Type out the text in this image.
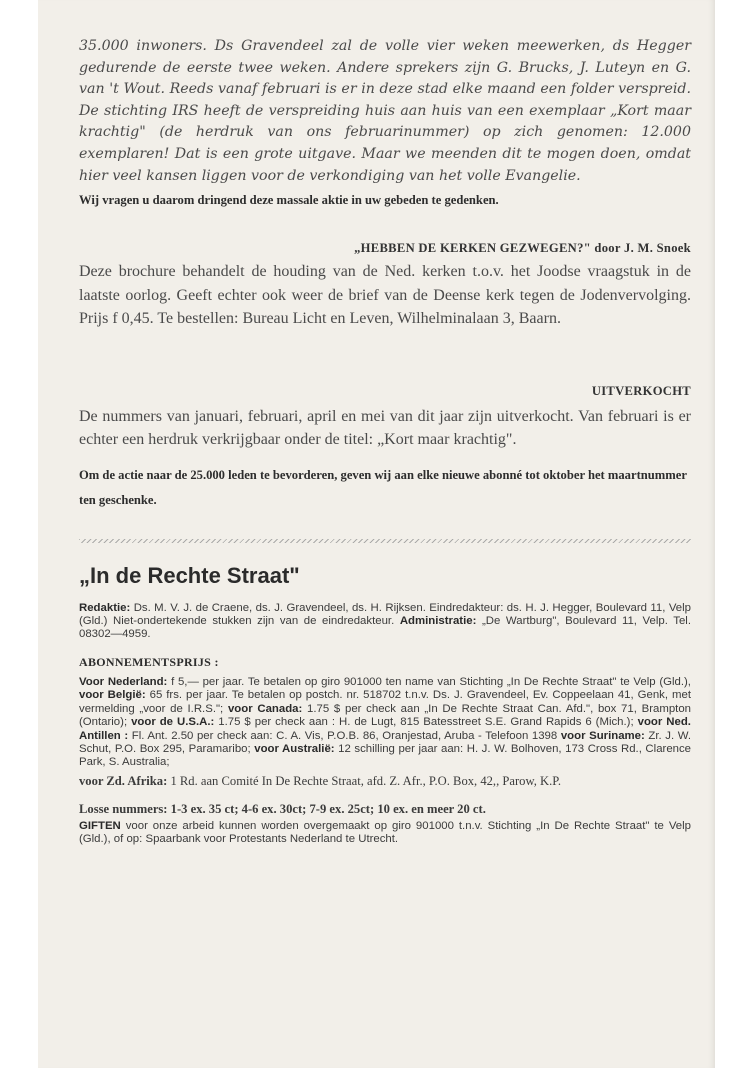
35.000 inwoners. Ds Gravendeel zal de volle vier weken meewerken, ds Hegger gedurende de eerste twee weken. Andere sprekers zijn G. Brucks, J. Luteyn en G. van 't Wout. Reeds vanaf februari is er in deze stad elke maand een folder verspreid. De stichting IRS heeft de verspreiding huis aan huis van een exemplaar „Kort maar krachtig" (de herdruk van ons februarinummer) op zich genomen: 12.000 exemplaren! Dat is een grote uitgave. Maar we meenden dit te mogen doen, omdat hier veel kansen liggen voor de verkondiging van het volle Evangelie.

Wij vragen u daarom dringend deze massale aktie in uw gebeden te gedenken.

„HEBBEN DE KERKEN GEZWEGEN?" door J. M. Snoek

Deze brochure behandelt de houding van de Ned. kerken t.o.v. het Joodse vraagstuk in de laatste oorlog. Geeft echter ook weer de brief van de Deense kerk tegen de Jodenvervolging. Prijs f 0,45. Te bestellen: Bureau Licht en Leven, Wilhelminalaan 3, Baarn.

UITVERKOCHT

De nummers van januari, februari, april en mei van dit jaar zijn uitverkocht. Van februari is er echter een herdruk verkrijgbaar onder de titel: „Kort maar krachtig".

Om de actie naar de 25.000 leden te bevorderen, geven wij aan elke nieuwe abonné tot oktober het maartnummer ten geschenke.

„In de Rechte Straat"

Redaktie: Ds. M. V. J. de Craene, ds. J. Gravendeel, ds. H. Rijksen. Eindredakteur: ds. H. J. Hegger, Boulevard 11, Velp (Gld.) Niet-ondertekende stukken zijn van de eindredakteur. Administratie: „De Wartburg", Boulevard 11, Velp. Tel. 08302—4959.

ABONNEMENTSPRIJS :

Voor Nederland: f 5,— per jaar. Te betalen op giro 901000 ten name van Stichting „In De Rechte Straat" te Velp (Gld.), voor België: 65 frs. per jaar. Te betalen op postch. nr. 518702 t.n.v. Ds. J. Gravendeel, Ev. Coppeelaan 41, Genk, met vermelding „voor de I.R.S."; voor Canada: 1.75 $ per check aan „In De Rechte Straat Can. Afd.", box 71, Brampton (Ontario); voor de U.S.A.: 1.75 $ per check aan : H. de Lugt, 815 Batesstreet S.E. Grand Rapids 6 (Mich.); voor Ned. Antillen : Fl. Ant. 2.50 per check aan: C. A. Vis, P.O.B. 86, Oranjestad, Aruba - Telefoon 1398 voor Suriname: Zr. J. W. Schut, P.O. Box 295, Paramaribo; voor Australië: 12 schilling per jaar aan: H. J. W. Bolhoven, 173 Cross Rd., Clarence Park, S. Australia;

voor Zd. Afrika: 1 Rd. aan Comité In De Rechte Straat, afd. Z. Afr., P.O. Box, 42,, Parow, K.P.

Losse nummers: 1-3 ex. 35 ct; 4-6 ex. 30ct; 7-9 ex. 25ct; 10 ex. en meer 20 ct.

GIFTEN voor onze arbeid kunnen worden overgemaakt op giro 901000 t.n.v. Stichting „In De Rechte Straat" te Velp (Gld.), of op: Spaarbank voor Protestants Nederland te Utrecht.
